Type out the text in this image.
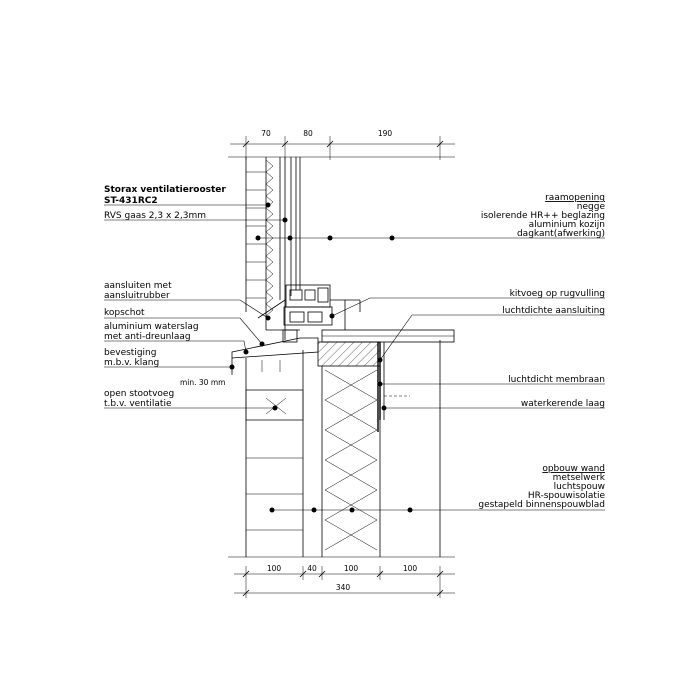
70	80	190
Storax ventilatierooster
ST-431RC2
RVS gaas 2,3 x 2,3mm
aansluiten met
aansluitrubber
kopschot
aluminium waterslag
met anti-dreunlaag
bevestiging
m.b.v. klang
min. 30 mm
open stootvoeg
t.b.v. ventilatie
raamopening
negge
isolerende HR++ beglazing
aluminium kozijn
dagkant(afwerking)
kitvoeg op rugvulling
luchtdichte aansluiting
luchtdicht membraan
waterkerende laag
opbouw wand
metselwerk
luchtspouw
HR-spouwisolatie
gestapeld binnenspouwblad
100	40	100	100
340
